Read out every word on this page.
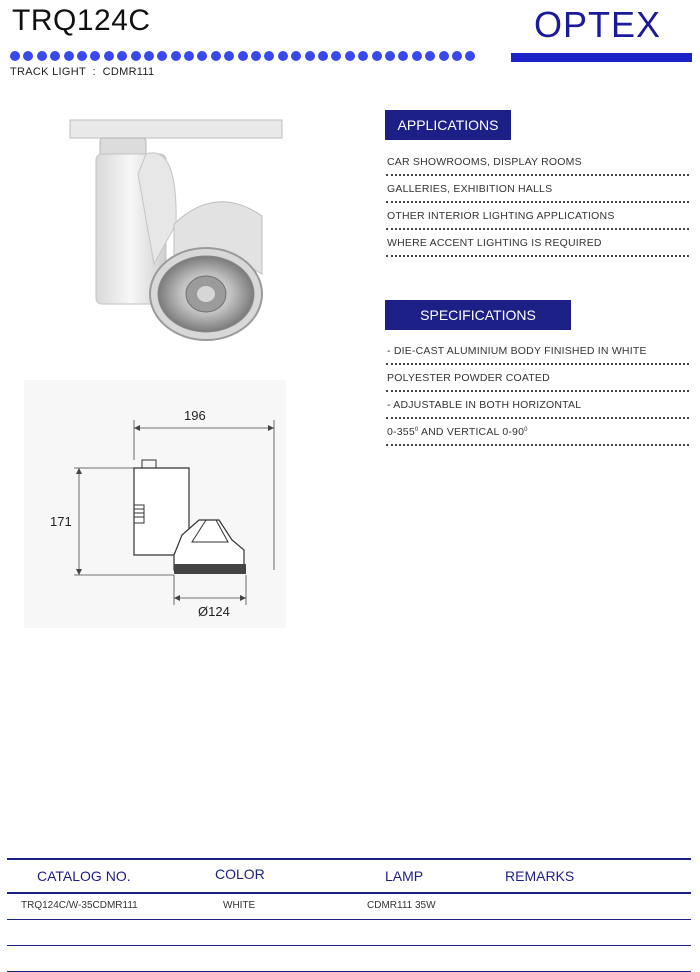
TRQ124C	OPTEX
TRACK LIGHT  :  CDMR111
196
171
Ø124
APPLICATIONS
CAR SHOWROOMS, DISPLAY ROOMS
GALLERIES, EXHIBITION HALLS
OTHER INTERIOR LIGHTING APPLICATIONS
WHERE ACCENT LIGHTING IS REQUIRED
SPECIFICATIONS
- DIE-CAST ALUMINIUM BODY FINISHED IN WHITE
POLYESTER POWDER COATED
- ADJUSTABLE IN BOTH HORIZONTAL
$0-355^0$ AND VERTICAL $0-90^0$
CATALOG NO.	COLOR	LAMP	REMARKS
TRQ124C/W-35CDMR111	WHITE	CDMR111 35W
